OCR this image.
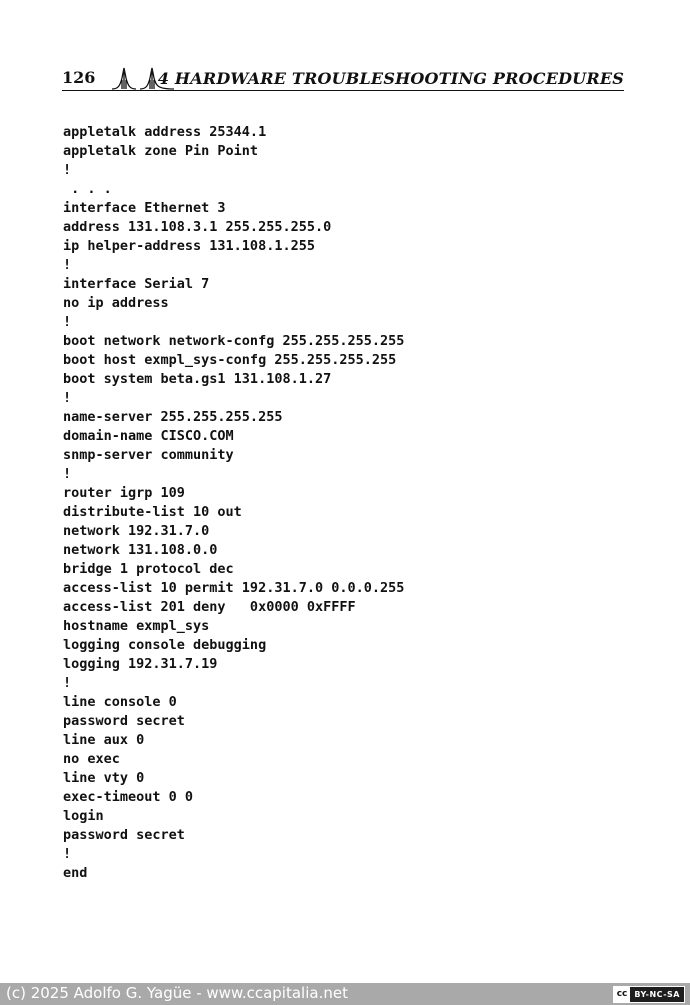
126	4 HARDWARE TROUBLESHOOTING PROCEDURES
appletalk address 25344.1
appletalk zone Pin Point
!
. . .
interface Ethernet 3
address 131.108.3.1 255.255.255.0
ip helper-address 131.108.1.255
!
interface Serial 7
no ip address
!
boot network network-confg 255.255.255.255
boot host exmpl_sys-confg 255.255.255.255
boot system beta.gs1 131.108.1.27
!
name-server 255.255.255.255
domain-name CISCO.COM
snmp-server community
!
router igrp 109
distribute-list 10 out
network 192.31.7.0
network 131.108.0.0
bridge 1 protocol dec
access-list 10 permit 192.31.7.0 0.0.0.255
access-list 201 deny   0x0000 0xFFFF
hostname exmpl_sys
logging console debugging
logging 192.31.7.19
!
line console 0
password secret
line aux 0
no exec
line vty 0
exec-timeout 0 0
login
password secret
!
end
(c) 2025 Adolfo G. Yagüe - www.ccapitalia.net	cc BY-NC-SA
